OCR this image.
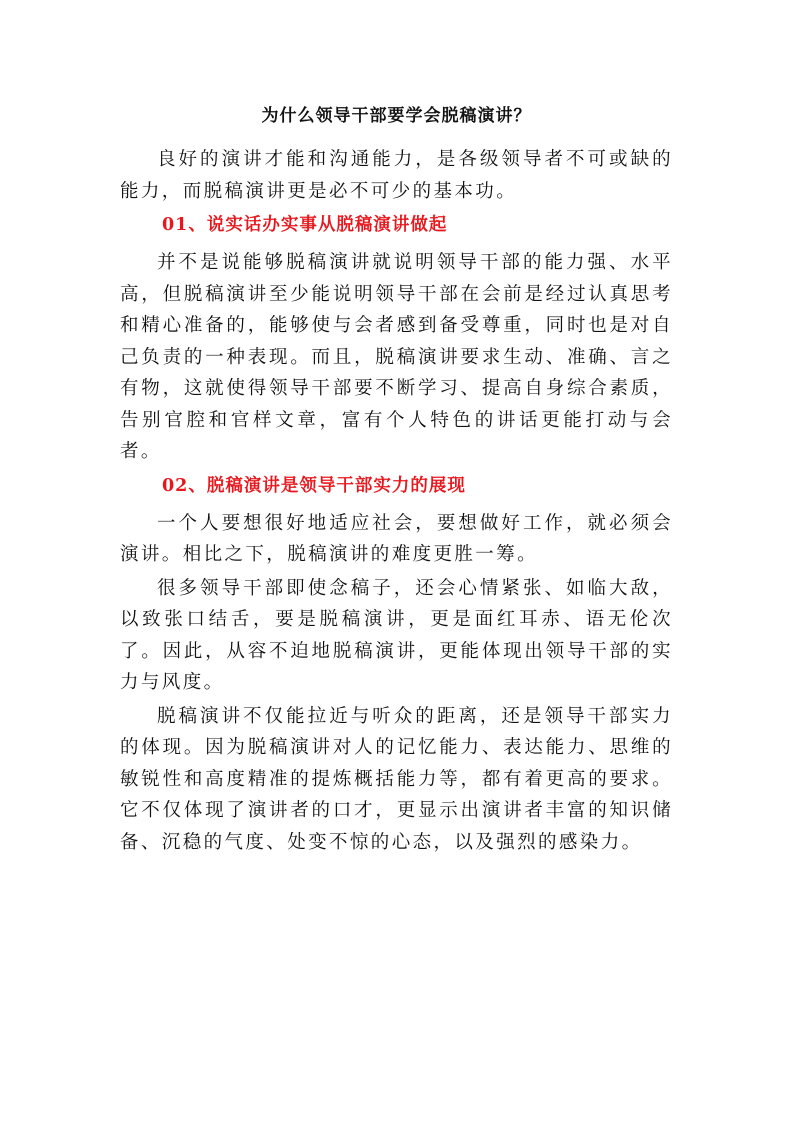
为什么领导干部要学会脱稿演讲？

良好的演讲才能和沟通能力，是各级领导者不可或缺的能力，而脱稿演讲更是必不可少的基本功。

01、说实话办实事从脱稿演讲做起

并不是说能够脱稿演讲就说明领导干部的能力强、水平高，但脱稿演讲至少能说明领导干部在会前是经过认真思考和精心准备的，能够使与会者感到备受尊重，同时也是对自己负责的一种表现。而且，脱稿演讲要求生动、准确、言之有物，这就使得领导干部要不断学习、提高自身综合素质，告别官腔和官样文章，富有个人特色的讲话更能打动与会者。

02、脱稿演讲是领导干部实力的展现

一个人要想很好地适应社会，要想做好工作，就必须会演讲。相比之下，脱稿演讲的难度更胜一筹。

很多领导干部即使念稿子，还会心情紧张、如临大敌，以致张口结舌，要是脱稿演讲，更是面红耳赤、语无伦次了。因此，从容不迫地脱稿演讲，更能体现出领导干部的实力与风度。

脱稿演讲不仅能拉近与听众的距离，还是领导干部实力的体现。因为脱稿演讲对人的记忆能力、表达能力、思维的敏锐性和高度精准的提炼概括能力等，都有着更高的要求。它不仅体现了演讲者的口才，更显示出演讲者丰富的知识储备、沉稳的气度、处变不惊的心态，以及强烈的感染力。
